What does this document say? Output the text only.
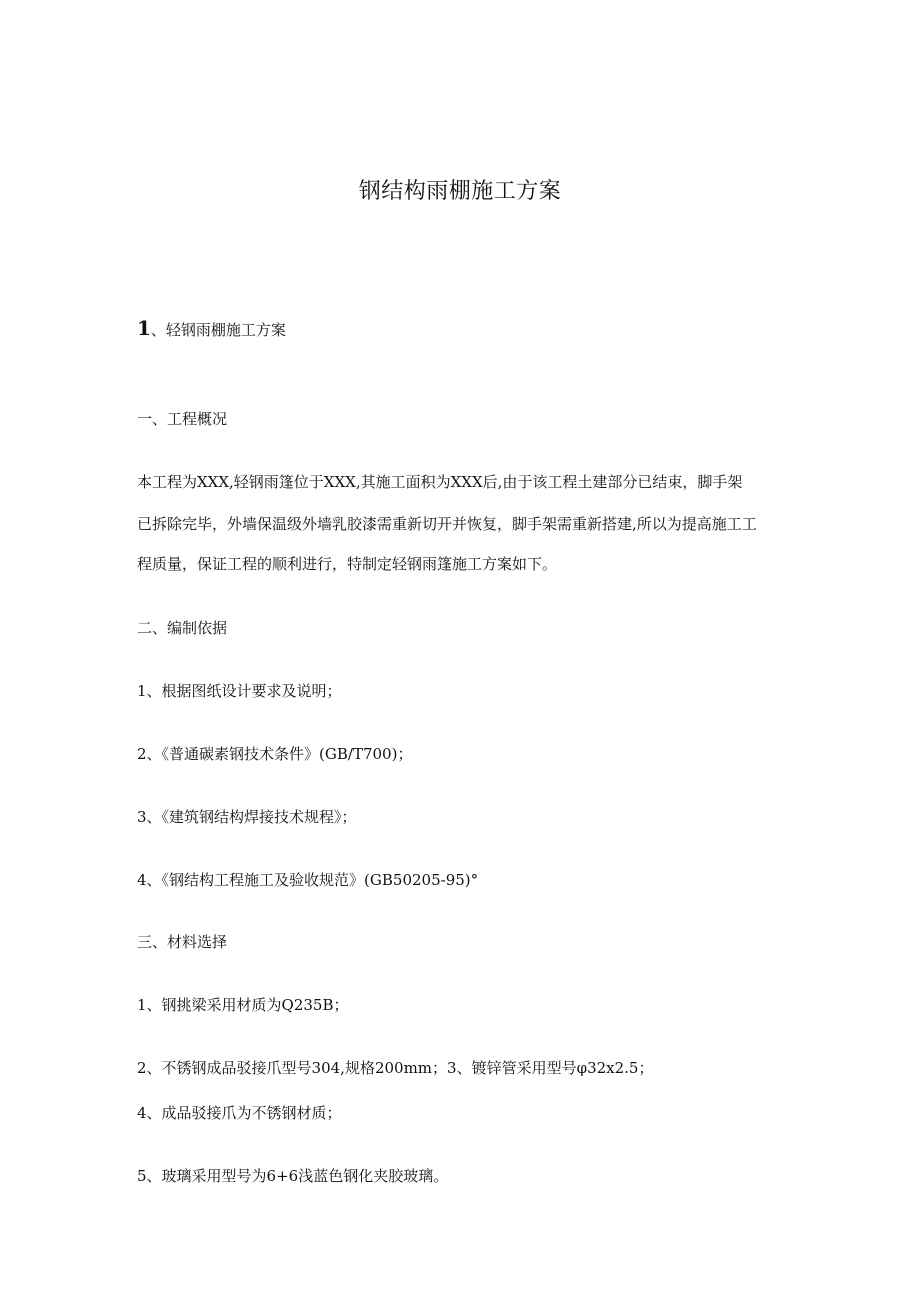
钢结构雨棚施工方案
1、轻钢雨棚施工方案
一、工程概况
本工程为XXX,轻钢雨篷位于XXX,其施工面积为XXX后,由于该工程土建部分已结束，脚手架
已拆除完毕，外墙保温级外墙乳胶漆需重新切开并恢复，脚手架需重新搭建,所以为提高施工工
程质量，保证工程的顺利进行，特制定轻钢雨篷施工方案如下。
二、编制依据
1、根据图纸设计要求及说明；
2、《普通碳素钢技术条件》(GB/T700)；
3、《建筑钢结构焊接技术规程》；
4、《钢结构工程施工及验收规范》(GB50205-95)°
三、材料选择
1、钢挑梁采用材质为Q235B；
2、不锈钢成品驳接爪型号304,规格200mm；3、镀锌管采用型号φ32x2.5；
4、成品驳接爪为不锈钢材质；
5、玻璃采用型号为6+6浅蓝色钢化夹胶玻璃。
